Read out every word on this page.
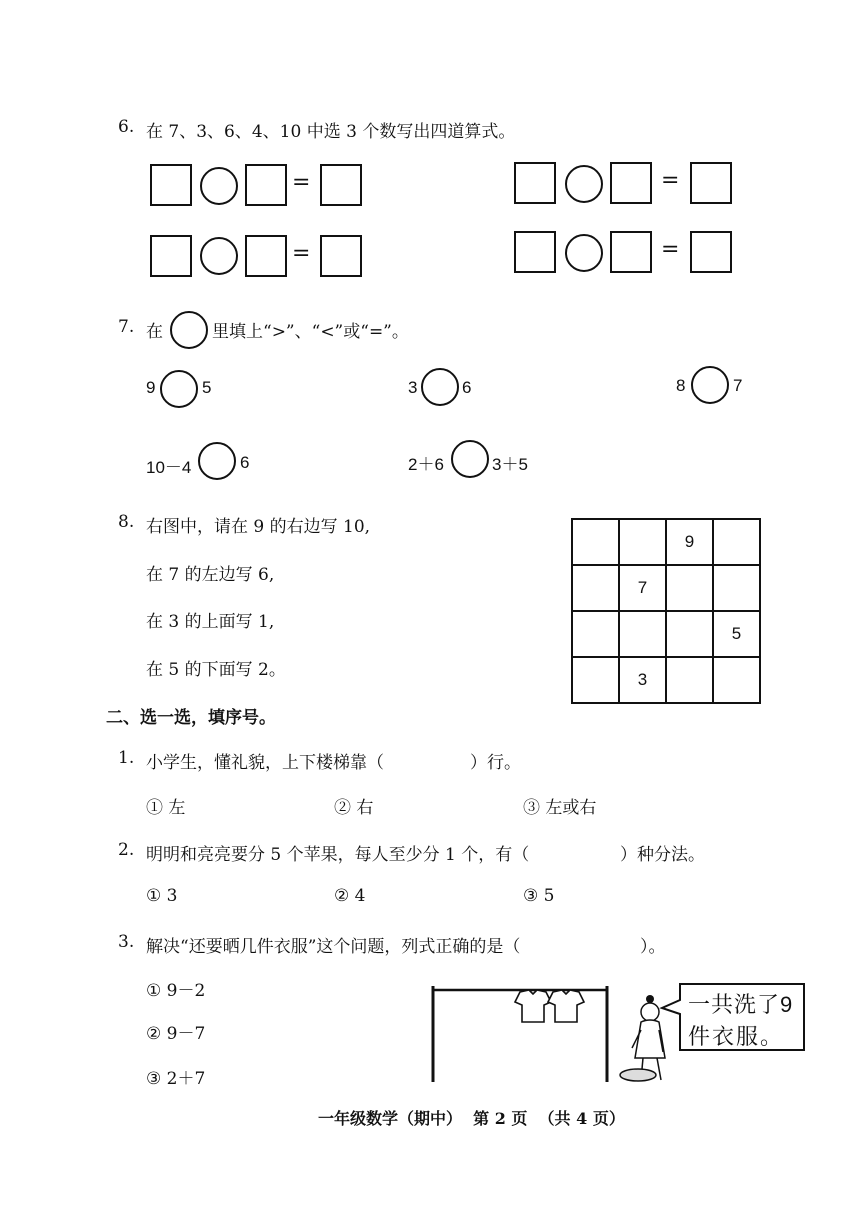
6. 在 7、3、6、4、10 中选 3 个数写出四道算式。
=	=
=	=
7. 在	里填上“>”、“<”或“=”。
9	5	3	6	8	7
10－4	6	2＋6	3＋5
8. 右图中，请在 9 的右边写 10,
在 7 的左边写 6,
在 3 的上面写 1,
在 5 的下面写 2。
		9	
	7		
			5
	3		
二、选一选，填序号。
1. 小学生，懂礼貌，上下楼梯靠（	）行。
① 左	② 右	③ 左或右
2. 明明和亮亮要分 5 个苹果，每人至少分 1 个，有（	）种分法。
① 3	② 4	③ 5
3. 解决“还要晒几件衣服”这个问题，列式正确的是（	）。
① 9－2
② 9－7
③ 2＋7
一共洗了9
件衣服。
一年级数学（期中）  第 2 页  （共 4 页）
